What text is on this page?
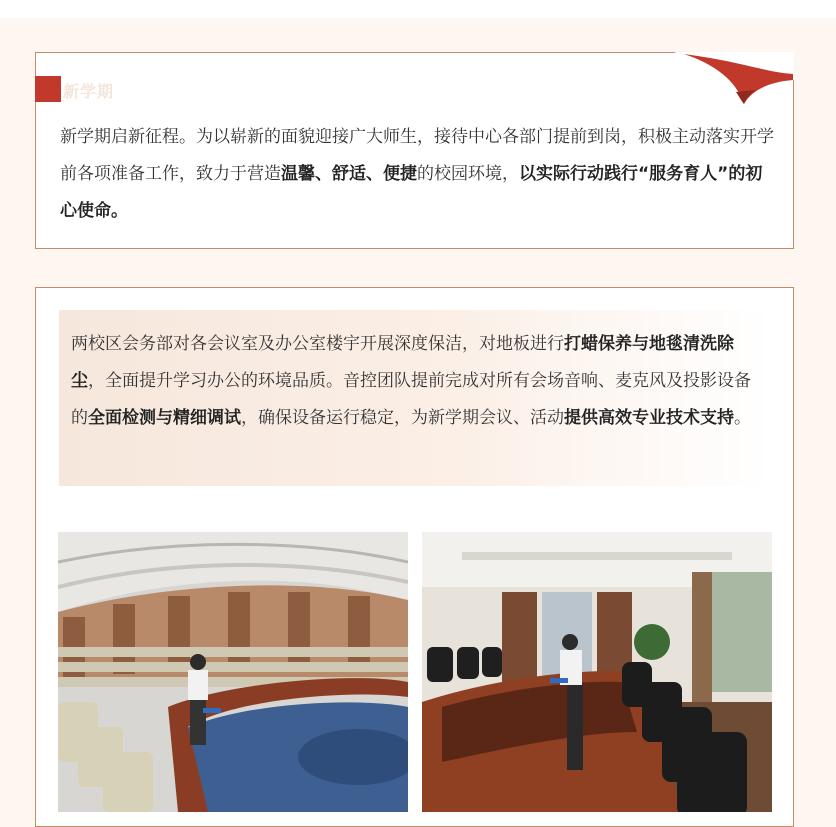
新学期

新学期启新征程。为以崭新的面貌迎接广大师生，接待中心各部门提前到岗，积极主动落实开学前各项准备工作，致力于营造温馨、舒适、便捷的校园环境，以实际行动践行“服务育人”的初心使命。

两校区会务部对各会议室及办公室楼宇开展深度保洁，对地板进行打蜡保养与地毯清洗除尘，全面提升学习办公的环境品质。音控团队提前完成对所有会场音响、麦克风及投影设备的全面检测与精细调试，确保设备运行稳定，为新学期会议、活动提供高效专业技术支持。
